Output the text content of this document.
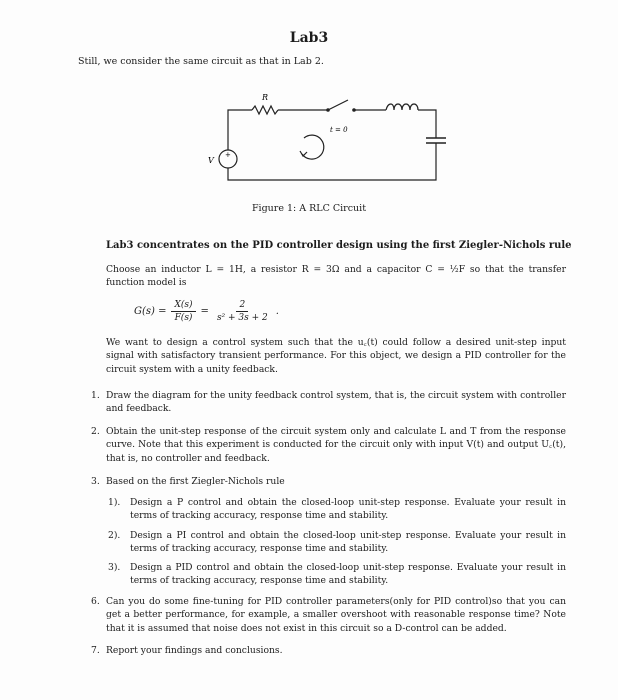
Lab3

Still, we consider the same circuit as that in Lab 2.

R
V
+
t = 0

Figure 1: A RLC Circuit

Lab3 concentrates on the PID controller design using the first Ziegler-Nichols rule

Choose an inductor L = 1H, a resistor R = 3Ω and a capacitor C = ½F so that the transfer function model is

$G(s) = \frac{X(s)}{F(s)} = \frac{2}{\text{s² + 3s + 2}}$ .

We want to design a control system such that the u꜀(t) could follow a desired unit-step input signal with satisfactory transient performance. For this object, we design a PID controller for the circuit system with a unity feedback.

1. Draw the diagram for the unity feedback control system, that is, the circuit system with controller and feedback.
2. Obtain the unit-step response of the circuit system only and calculate L and T from the response curve. Note that this experiment is conducted for the circuit only with input V(t) and output U꜀(t), that is, no controller and feedback.
3. Based on the first Ziegler-Nichols rule
1). Design a P control and obtain the closed-loop unit-step response. Evaluate your result in terms of tracking accuracy, response time and stability.
2). Design a PI control and obtain the closed-loop unit-step response. Evaluate your result in terms of tracking accuracy, response time and stability.
3). Design a PID control and obtain the closed-loop unit-step response. Evaluate your result in terms of tracking accuracy, response time and stability.
6. Can you do some fine-tuning for PID controller parameters(only for PID control)so that you can get a better performance, for example, a smaller overshoot with reasonable response time? Note that it is assumed that noise does not exist in this circuit so a D-control can be added.
7. Report your findings and conclusions.
